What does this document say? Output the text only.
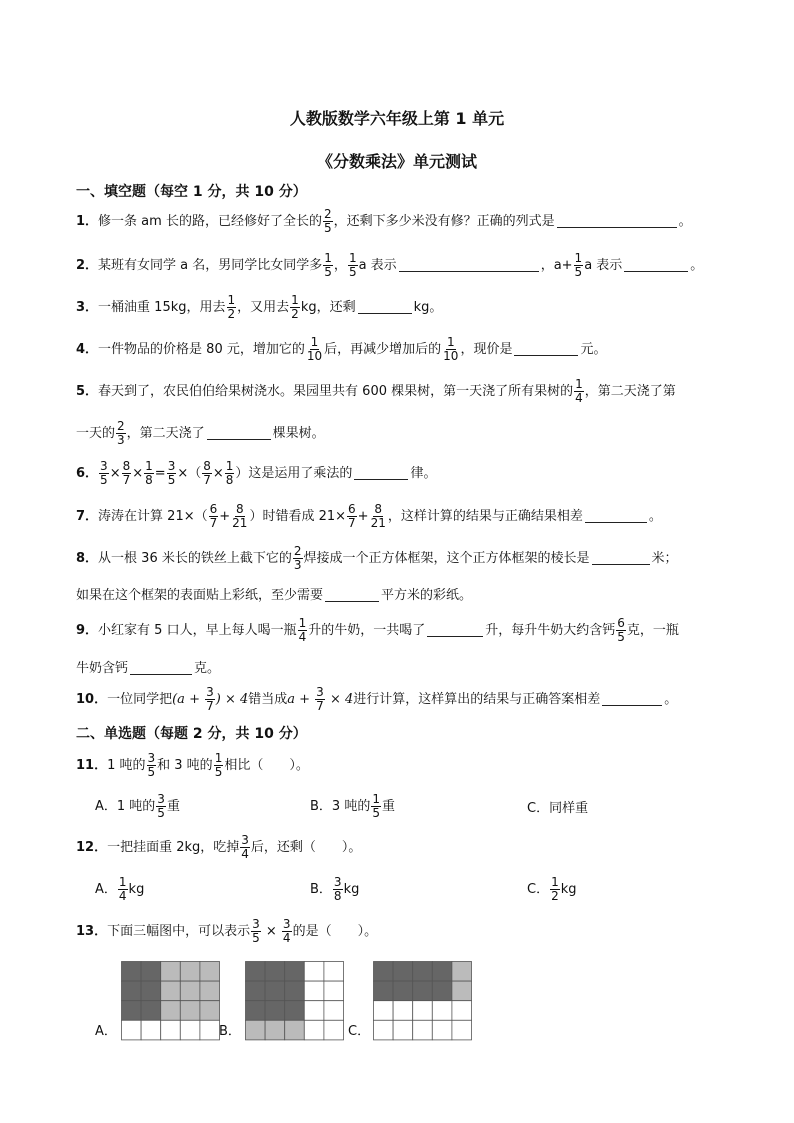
人教版数学六年级上第 1 单元
《分数乘法》单元测试
一、填空题（每空 1 分，共 10 分）
1．修一条 am 长的路，已经修好了全长的 $\frac{2}{5}$ ，还剩下多少米没有修？正确的列式是	。
2．某班有女同学 a 名，男同学比女同学多 $\frac{1}{5}$ ， $\frac{1}{5}$ a 表示	，$a+ \frac{1}{5}$ a 表示	。
3．一桶油重 15kg，用去 $\frac{1}{2}$ ，又用去 $\frac{1}{2}$ kg，还剩	kg。
4．一件物品的价格是 80 元，增加它的 $\frac{1}{10}$ 后，再减少增加后的 $\frac{1}{10}$ ，现价是	元。
5．春天到了，农民伯伯给果树浇水。果园里共有 600 棵果树，第一天浇了所有果树的 $\frac{1}{4}$ ，第二天浇了第
一天的 $\frac{2}{3}$ ，第二天浇了	棵果树。
6． $\frac{3}{5} \times \frac{8}{7} \times \frac{1}{8} = \frac{3}{5}$ ×（ $\frac{8}{7} \times \frac{1}{8}$ ）这是运用了乘法的	律。
7．涛涛在计算 $21\times( \frac{6}{7} + \frac{8}{21}$ ）时错看成 $21\times \frac{6}{7} + \frac{8}{21}$ ，这样计算的结果与正确结果相差	。
8．从一根 36 米长的铁丝上截下它的 $\frac{2}{3}$ 焊接成一个正方体框架，这个正方体框架的棱长是	米；
如果在这个框架的表面贴上彩纸，至少需要	平方米的彩纸。
9．小红家有 5 口人，早上每人喝一瓶 $\frac{1}{4}$ 升的牛奶，一共喝了	升，每升牛奶大约含钙 $\frac{6}{5}$ 克，一瓶
牛奶含钙	克。
10．一位同学把($a + \frac{3}{7}$ ) × 4错当成$a + \frac{3}{7} \times 4$进行计算，这样算出的结果与正确答案相差	。
二、单选题（每题 2 分，共 10 分）
11．1 吨的 $\frac{3}{5}$ 和 3 吨的 $\frac{1}{5}$ 相比（　　）。
A．1 吨的 $\frac{3}{5}$ 重	B．3 吨的 $\frac{1}{5}$ 重	C．同样重
12．一把挂面重 2kg，吃掉 $\frac{3}{4}$ 后，还剩（　　）。
A． $\frac{1}{4}$ kg	B． $\frac{3}{8}$ kg	C． $\frac{1}{2}$ kg
13．下面三幅图中，可以表示 $\frac{3}{5} \times \frac{3}{4}$ 的是（　　）。
A．	B．	C．
